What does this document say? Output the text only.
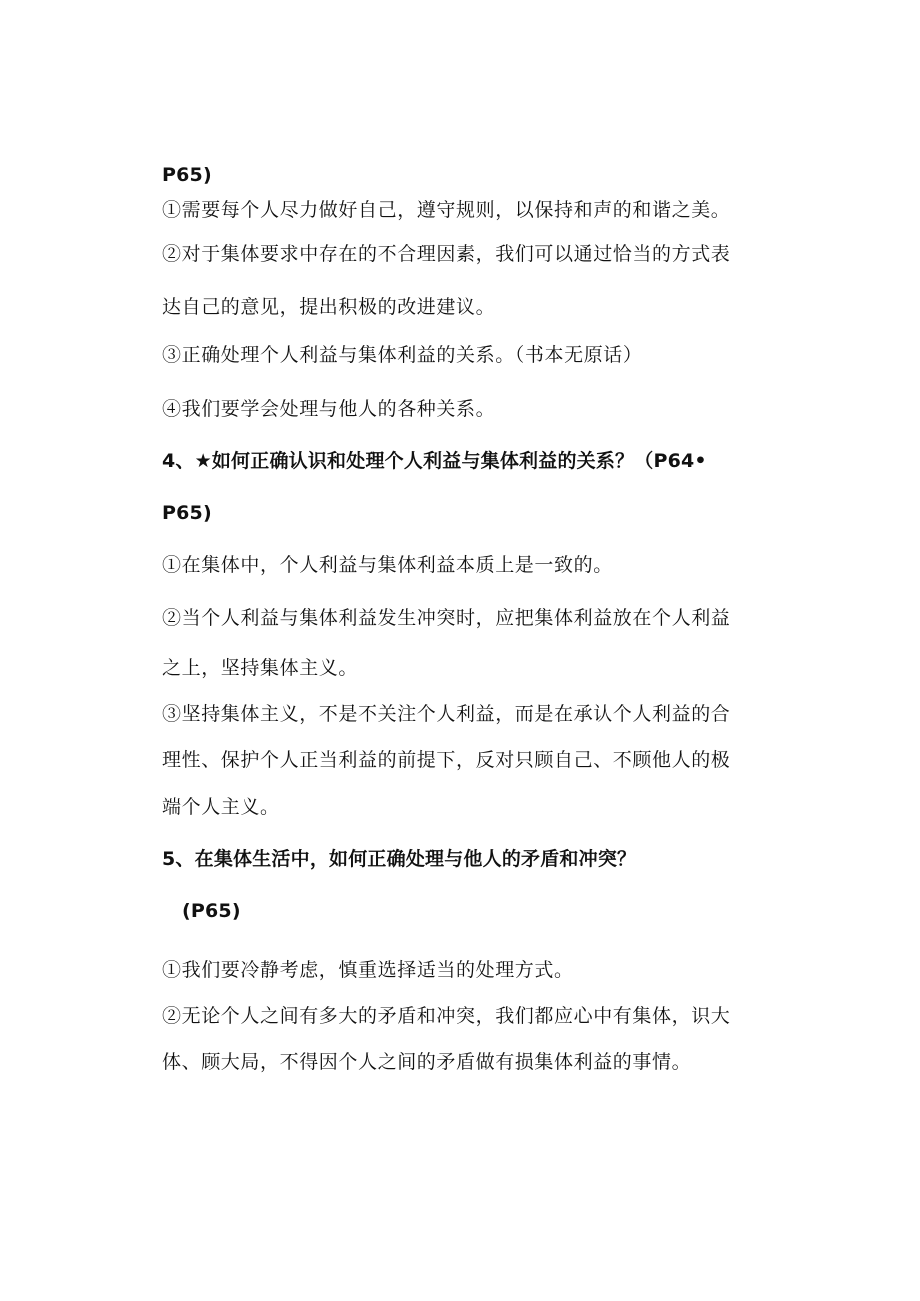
P65)
①需要每个人尽力做好自己，遵守规则，以保持和声的和谐之美。
②对于集体要求中存在的不合理因素，我们可以通过恰当的方式表
达自己的意见，提出积极的改进建议。
③正确处理个人利益与集体利益的关系。（书本无原话）
④我们要学会处理与他人的各种关系。
4、★如何正确认识和处理个人利益与集体利益的关系？（P64•
P65)
①在集体中，个人利益与集体利益本质上是一致的。
②当个人利益与集体利益发生冲突时，应把集体利益放在个人利益
之上，坚持集体主义。
③坚持集体主义，不是不关注个人利益，而是在承认个人利益的合
理性、保护个人正当利益的前提下，反对只顾自己、不顾他人的极
端个人主义。
5、在集体生活中，如何正确处理与他人的矛盾和冲突？
(P65)
①我们要冷静考虑，慎重选择适当的处理方式。
②无论个人之间有多大的矛盾和冲突，我们都应心中有集体，识大
体、顾大局，不得因个人之间的矛盾做有损集体利益的事情。
